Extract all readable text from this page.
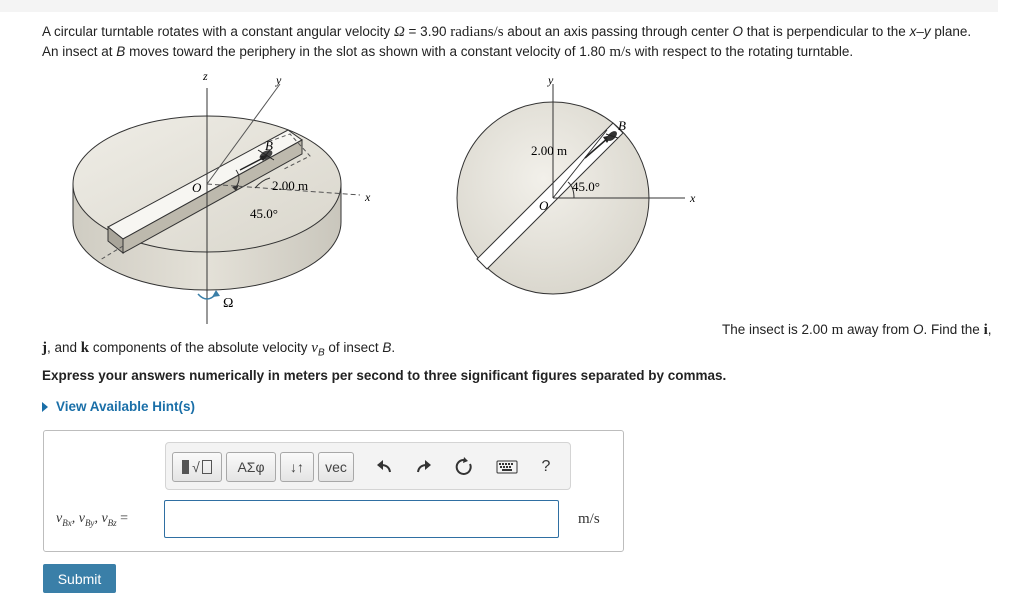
A circular turntable rotates with a constant angular velocity Ω = 3.90 radians/s about an axis passing through center O that is perpendicular to the x–y plane. An insect at B moves toward the periphery in the slot as shown with a constant velocity of 1.80 m/s with respect to the rotating turntable.
z	y
x
O
B
2.00 m
45.0°
Ω
y
x
O
B
2.00 m
45.0°
The insect is 2.00 m away from O. Find the i,
j, and k components of the absolute velocity $v_B$ of insect B.
Express your answers numerically in meters per second to three significant figures separated by commas.
View Available Hint(s)
√	ΑΣφ	↓↑	vec	?
$v_{Bx}$, $v_{By}$, $v_{Bz}$ =	m/s
Submit
